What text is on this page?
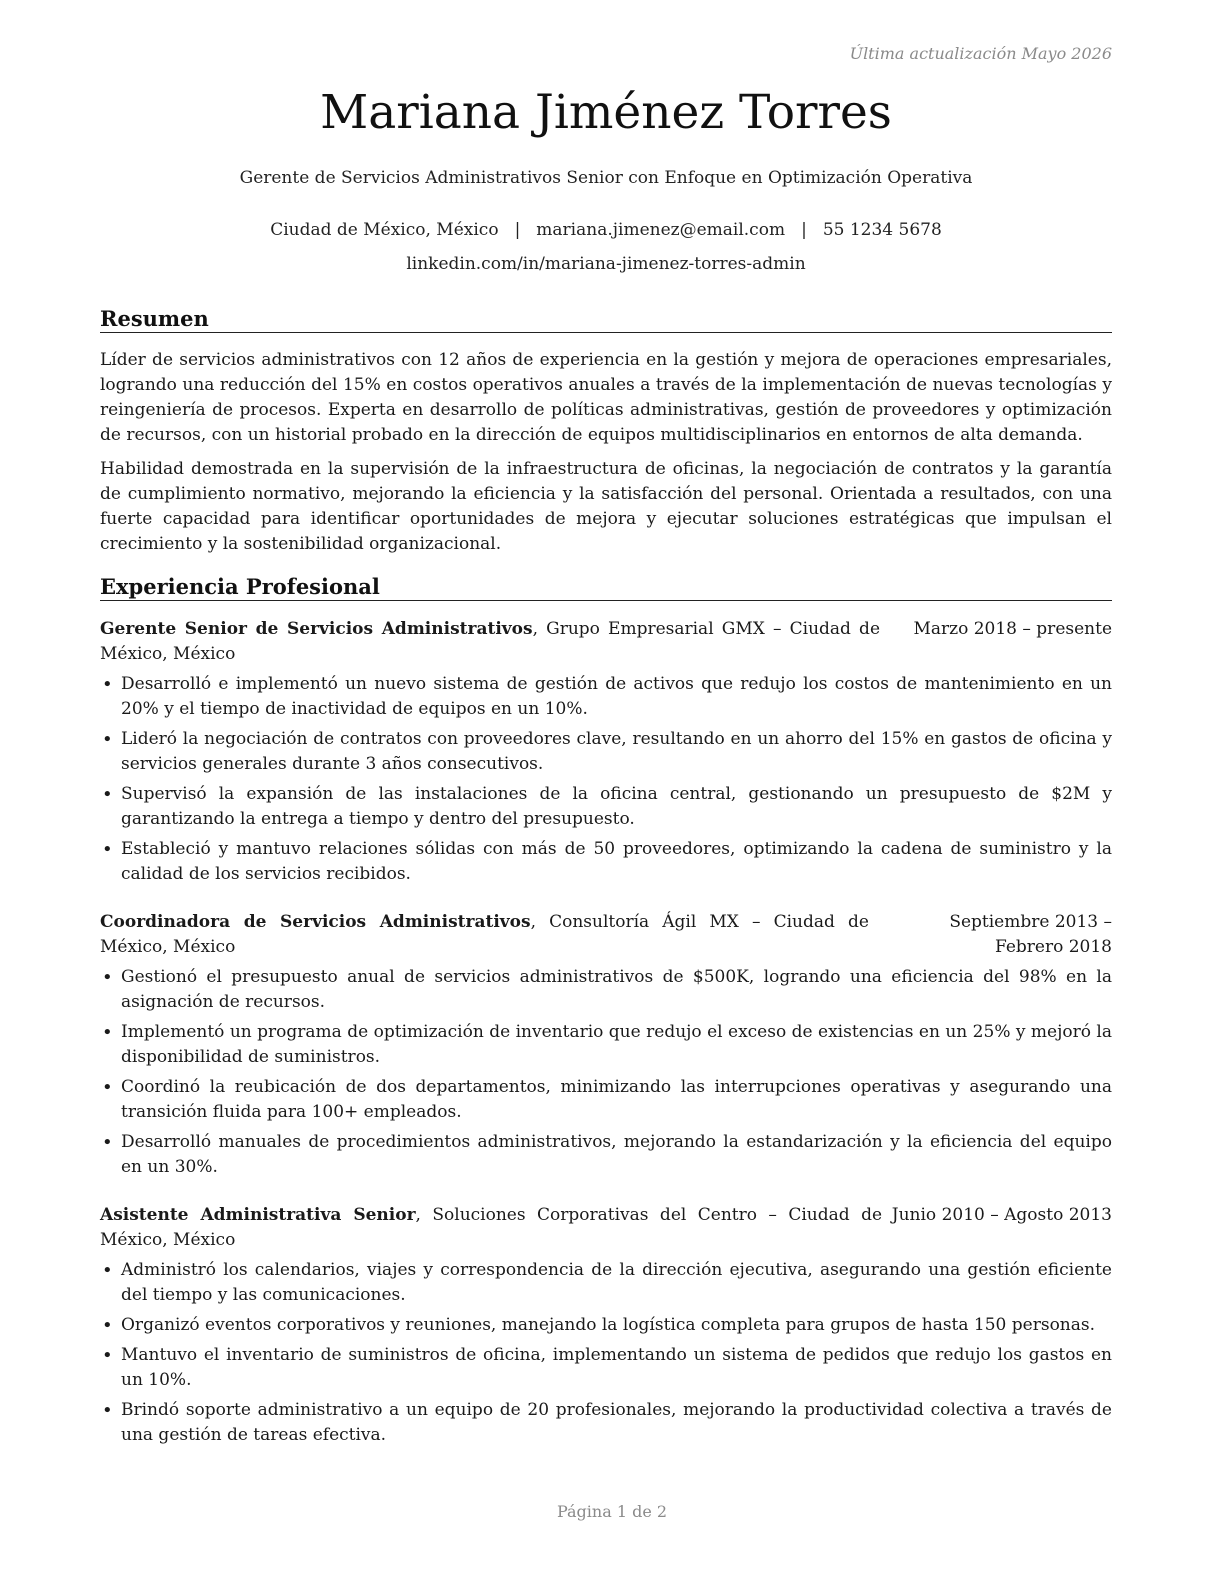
Última actualización Mayo 2026
Mariana Jiménez Torres
Gerente de Servicios Administrativos Senior con Enfoque en Optimización Operativa
Ciudad de México, México | mariana.jimenez@email.com | 55 1234 5678
linkedin.com/in/mariana-jimenez-torres-admin
Resumen

Líder de servicios administrativos con 12 años de experiencia en la gestión y mejora de operaciones empresariales, logrando una reducción del 15% en costos operativos anuales a través de la implementación de nuevas tecnologías y reingeniería de procesos. Experta en desarrollo de políticas administrativas, gestión de proveedores y optimización de recursos, con un historial probado en la dirección de equipos multidisciplinarios en entornos de alta demanda.

Habilidad demostrada en la supervisión de la infraestructura de oficinas, la negociación de contratos y la garantía de cumplimiento normativo, mejorando la eficiencia y la satisfacción del personal. Orientada a resultados, con una fuerte capacidad para identificar oportunidades de mejora y ejecutar soluciones estratégicas que impulsan el crecimiento y la sostenibilidad organizacional.

Experiencia Profesional
Gerente Senior de Servicios Administrativos, Grupo Empresarial GMX – Ciudad de México, México
Marzo 2018 – presente
• Desarrolló e implementó un nuevo sistema de gestión de activos que redujo los costos de mantenimiento en un 20% y el tiempo de inactividad de equipos en un 10%.
• Lideró la negociación de contratos con proveedores clave, resultando en un ahorro del 15% en gastos de oficina y servicios generales durante 3 años consecutivos.
• Supervisó la expansión de las instalaciones de la oficina central, gestionando un presupuesto de $2M y garantizando la entrega a tiempo y dentro del presupuesto.
• Estableció y mantuvo relaciones sólidas con más de 50 proveedores, optimizando la cadena de suministro y la calidad de los servicios recibidos.
Coordinadora de Servicios Administrativos, Consultoría Ágil MX – Ciudad de México, México
Septiembre 2013 – Febrero 2018
• Gestionó el presupuesto anual de servicios administrativos de $500K, logrando una eficiencia del 98% en la asignación de recursos.
• Implementó un programa de optimización de inventario que redujo el exceso de existencias en un 25% y mejoró la disponibilidad de suministros.
• Coordinó la reubicación de dos departamentos, minimizando las interrupciones operativas y asegurando una transición fluida para 100+ empleados.
• Desarrolló manuales de procedimientos administrativos, mejorando la estandarización y la eficiencia del equipo en un 30%.
Asistente Administrativa Senior, Soluciones Corporativas del Centro – Ciudad de México, México
Junio 2010 – Agosto 2013
• Administró los calendarios, viajes y correspondencia de la dirección ejecutiva, asegurando una gestión eficiente del tiempo y las comunicaciones.
• Organizó eventos corporativos y reuniones, manejando la logística completa para grupos de hasta 150 personas.
• Mantuvo el inventario de suministros de oficina, implementando un sistema de pedidos que redujo los gastos en un 10%.
• Brindó soporte administrativo a un equipo de 20 profesionales, mejorando la productividad colectiva a través de una gestión de tareas efectiva.
Página 1 de 2
